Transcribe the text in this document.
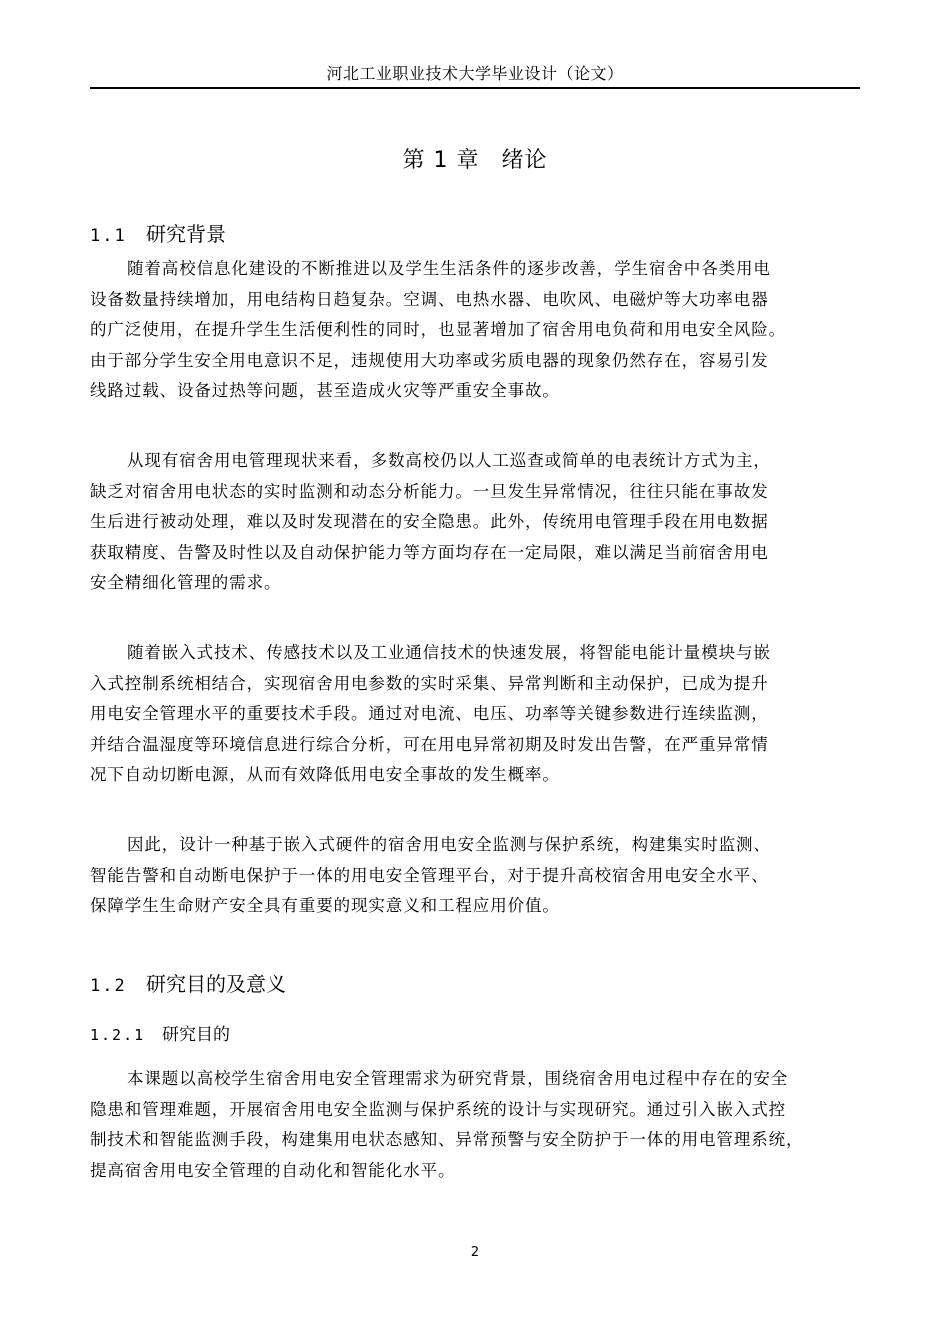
河北工业职业技术大学毕业设计（论文）
第 1 章 绪论
1.1 研究背景
随着高校信息化建设的不断推进以及学生生活条件的逐步改善，学生宿舍中各类用电
设备数量持续增加，用电结构日趋复杂。空调、电热水器、电吹风、电磁炉等大功率电器
的广泛使用，在提升学生生活便利性的同时，也显著增加了宿舍用电负荷和用电安全风险。
由于部分学生安全用电意识不足，违规使用大功率或劣质电器的现象仍然存在，容易引发
线路过载、设备过热等问题，甚至造成火灾等严重安全事故。
从现有宿舍用电管理现状来看，多数高校仍以人工巡查或简单的电表统计方式为主，
缺乏对宿舍用电状态的实时监测和动态分析能力。一旦发生异常情况，往往只能在事故发
生后进行被动处理，难以及时发现潜在的安全隐患。此外，传统用电管理手段在用电数据
获取精度、告警及时性以及自动保护能力等方面均存在一定局限，难以满足当前宿舍用电
安全精细化管理的需求。
随着嵌入式技术、传感技术以及工业通信技术的快速发展，将智能电能计量模块与嵌
入式控制系统相结合，实现宿舍用电参数的实时采集、异常判断和主动保护，已成为提升
用电安全管理水平的重要技术手段。通过对电流、电压、功率等关键参数进行连续监测，
并结合温湿度等环境信息进行综合分析，可在用电异常初期及时发出告警，在严重异常情
况下自动切断电源，从而有效降低用电安全事故的发生概率。
因此，设计一种基于嵌入式硬件的宿舍用电安全监测与保护系统，构建集实时监测、
智能告警和自动断电保护于一体的用电安全管理平台，对于提升高校宿舍用电安全水平、
保障学生生命财产安全具有重要的现实意义和工程应用价值。
1.2 研究目的及意义
1.2.1 研究目的
本课题以高校学生宿舍用电安全管理需求为研究背景，围绕宿舍用电过程中存在的安全
隐患和管理难题，开展宿舍用电安全监测与保护系统的设计与实现研究。通过引入嵌入式控
制技术和智能监测手段，构建集用电状态感知、异常预警与安全防护于一体的用电管理系统，
提高宿舍用电安全管理的自动化和智能化水平。
2
